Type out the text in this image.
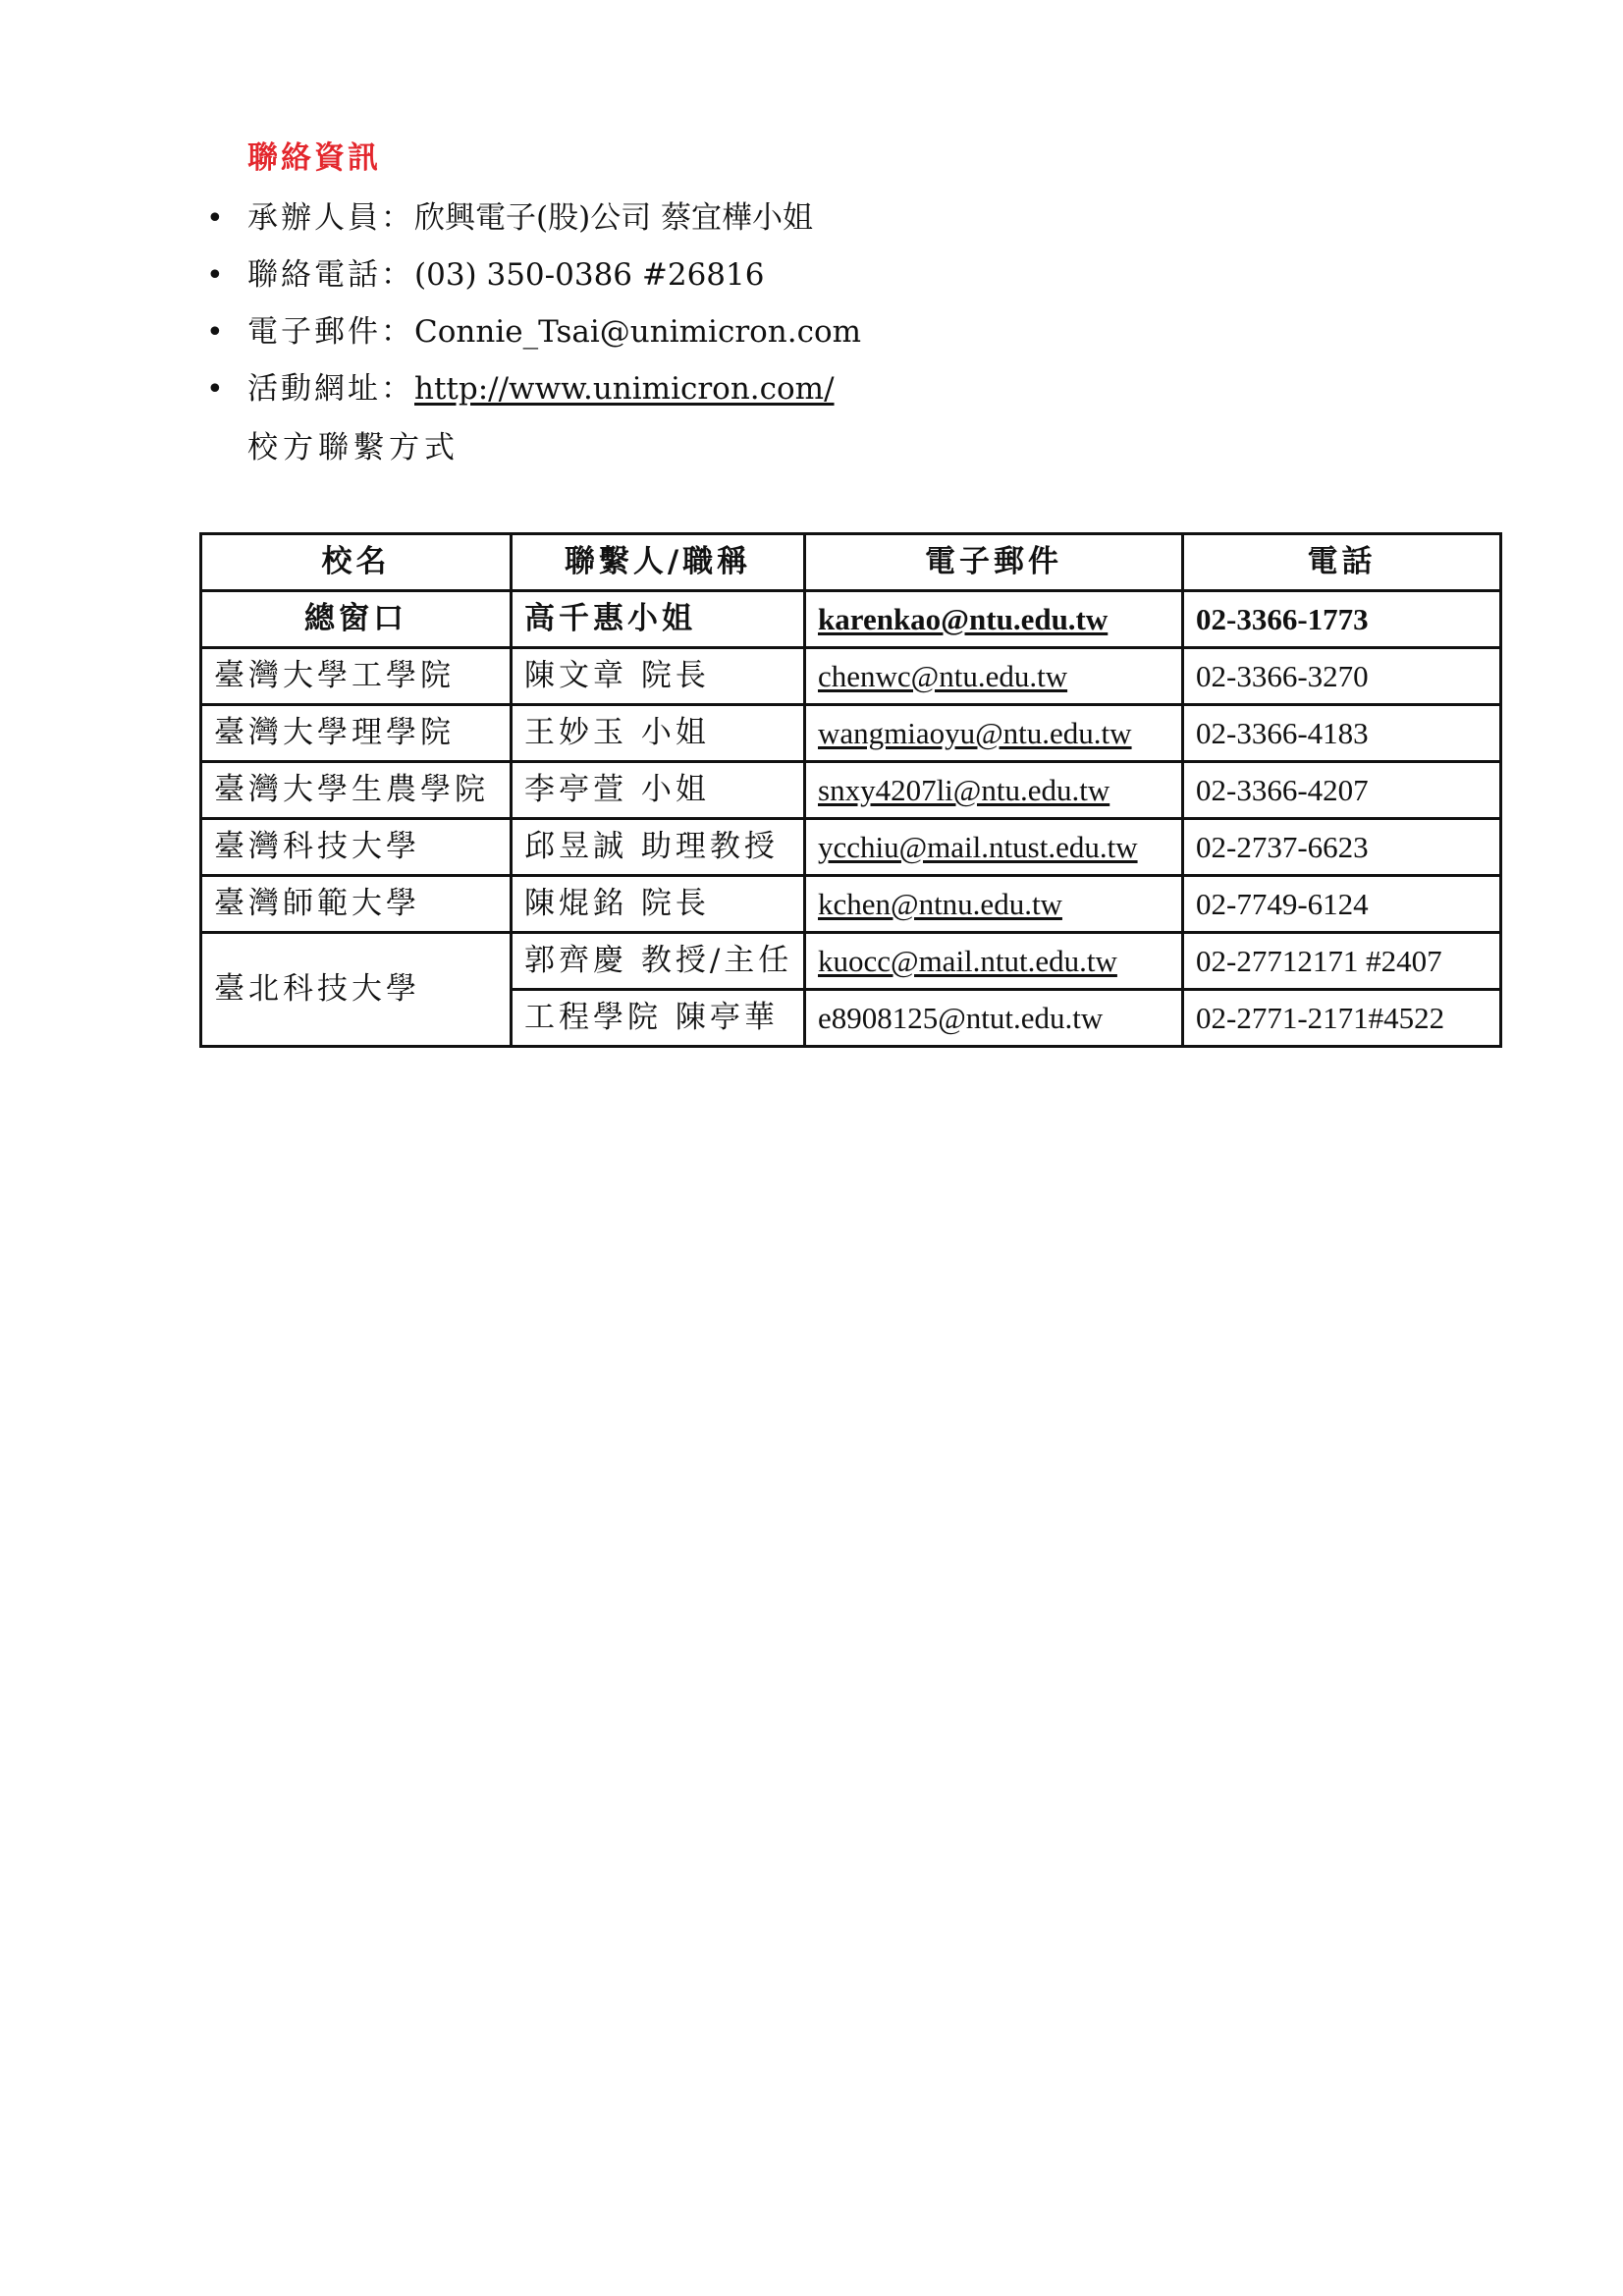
聯絡資訊
• 承辦人員：欣興電子(股)公司 蔡宜樺小姐
• 聯絡電話：(03) 350-0386 #26816
• 電子郵件：Connie_Tsai@unimicron.com
• 活動網址：http://www.unimicron.com/
校方聯繫方式
校名	聯繫人/職稱	電子郵件	電話
總窗口	高千惠小姐	karenkao@ntu.edu.tw	02-3366-1773
臺灣大學工學院	陳文章 院長	chenwc@ntu.edu.tw	02-3366-3270
臺灣大學理學院	王妙玉 小姐	wangmiaoyu@ntu.edu.tw	02-3366-4183
臺灣大學生農學院	李亭萱 小姐	snxy4207li@ntu.edu.tw	02-3366-4207
臺灣科技大學	邱昱誠 助理教授	ycchiu@mail.ntust.edu.tw	02-2737-6623
臺灣師範大學	陳焜銘 院長	kchen@ntnu.edu.tw	02-7749-6124
臺北科技大學	郭齊慶 教授/主任	kuocc@mail.ntut.edu.tw	02-27712171 #2407
	工程學院 陳亭華	e8908125@ntut.edu.tw	02-2771-2171#4522
